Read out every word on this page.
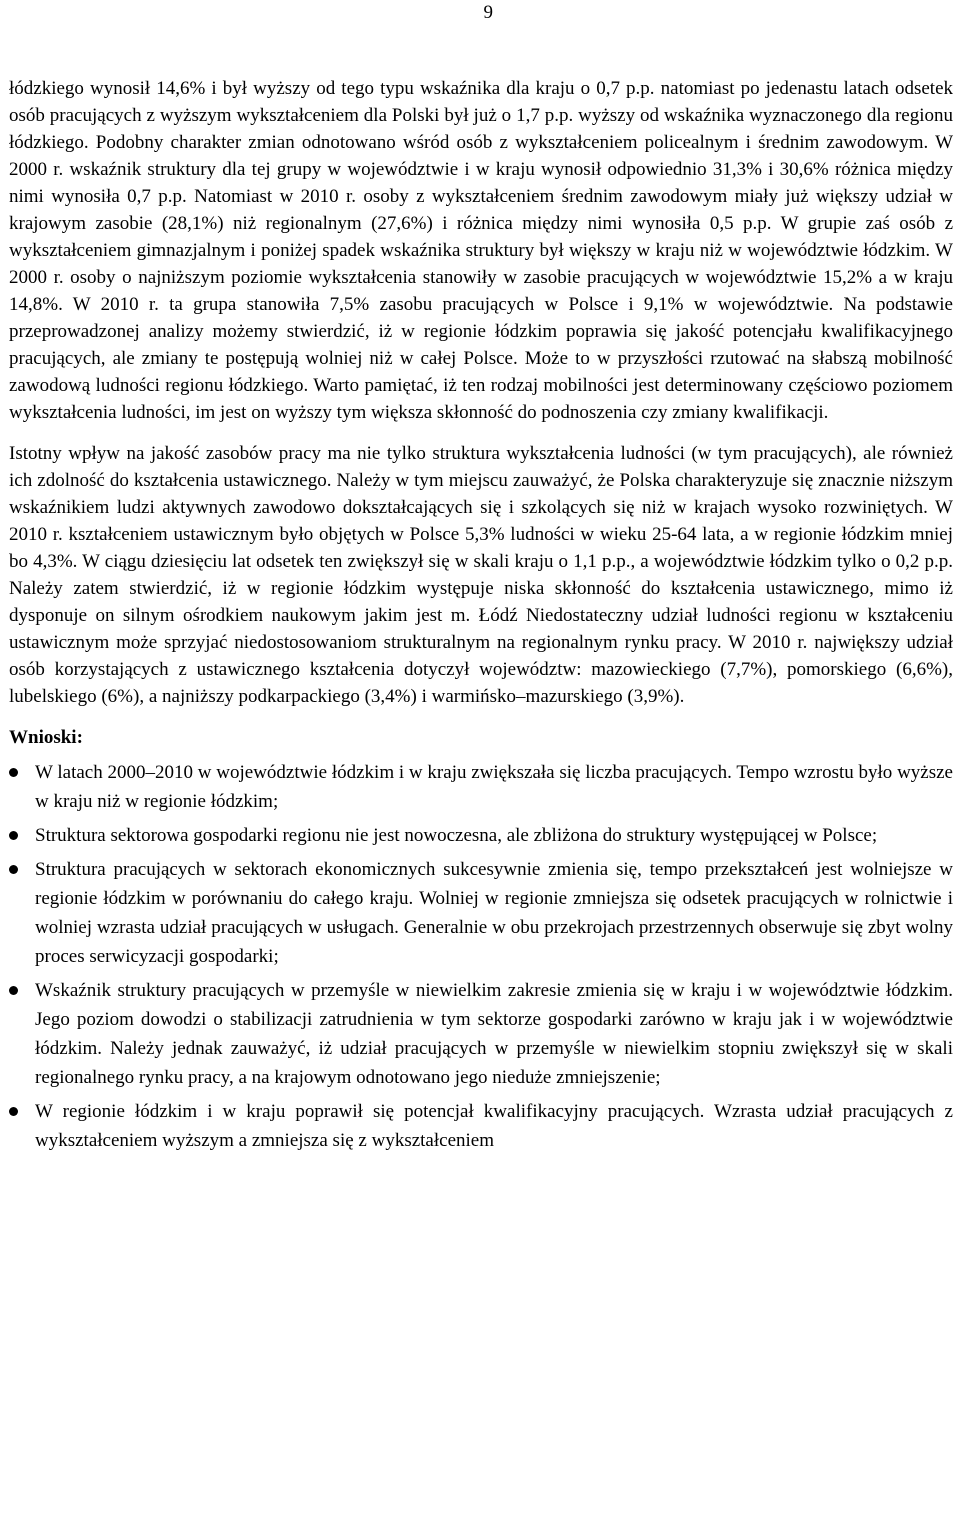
9

łódzkiego wynosił 14,6% i był wyższy od tego typu wskaźnika dla kraju o 0,7 p.p. natomiast po jedenastu latach odsetek osób pracujących z wyższym wykształceniem dla Polski był już o 1,7 p.p. wyższy od wskaźnika wyznaczonego dla regionu łódzkiego. Podobny charakter zmian odnotowano wśród osób z wykształceniem policealnym i średnim zawodowym. W 2000 r. wskaźnik struktury dla tej grupy w województwie i w kraju wynosił odpowiednio 31,3% i 30,6% różnica między nimi wynosiła 0,7 p.p. Natomiast w 2010 r. osoby z wykształceniem średnim zawodowym miały już większy udział w krajowym zasobie (28,1%) niż regionalnym (27,6%) i różnica między nimi wynosiła 0,5 p.p. W grupie zaś osób z wykształceniem gimnazjalnym i poniżej spadek wskaźnika struktury był większy w kraju niż w województwie łódzkim. W 2000 r. osoby o najniższym poziomie wykształcenia stanowiły w zasobie pracujących w województwie 15,2% a w kraju 14,8%. W 2010 r. ta grupa stanowiła 7,5% zasobu pracujących w Polsce i 9,1% w województwie. Na podstawie przeprowadzonej analizy możemy stwierdzić, iż w regionie łódzkim poprawia się jakość potencjału kwalifikacyjnego pracujących, ale zmiany te postępują wolniej niż w całej Polsce. Może to w przyszłości rzutować na słabszą mobilność zawodową ludności regionu łódzkiego. Warto pamiętać, iż ten rodzaj mobilności jest determinowany częściowo poziomem wykształcenia ludności, im jest on wyższy tym większa skłonność do podnoszenia czy zmiany kwalifikacji.

Istotny wpływ na jakość zasobów pracy ma nie tylko struktura wykształcenia ludności (w tym pracujących), ale również ich zdolność do kształcenia ustawicznego. Należy w tym miejscu zauważyć, że Polska charakteryzuje się znacznie niższym wskaźnikiem ludzi aktywnych zawodowo dokształcających się i szkolących się niż w krajach wysoko rozwiniętych. W 2010 r. kształceniem ustawicznym było objętych w Polsce 5,3% ludności w wieku 25-64 lata, a w regionie łódzkim mniej bo 4,3%. W ciągu dziesięciu lat odsetek ten zwiększył się w skali kraju o 1,1 p.p., a województwie łódzkim tylko o 0,2 p.p. Należy zatem stwierdzić, iż w regionie łódzkim występuje niska skłonność do kształcenia ustawicznego, mimo iż dysponuje on silnym ośrodkiem naukowym jakim jest m. Łódź Niedostateczny udział ludności regionu w kształceniu ustawicznym może sprzyjać niedostosowaniom strukturalnym na regionalnym rynku pracy. W 2010 r. największy udział osób korzystających z ustawicznego kształcenia dotyczył województw: mazowieckiego (7,7%), pomorskiego (6,6%), lubelskiego (6%), a najniższy podkarpackiego (3,4%) i warmińsko–mazurskiego (3,9%).

Wnioski:
W latach 2000–2010 w województwie łódzkim i w kraju zwiększała się liczba pracujących. Tempo wzrostu było wyższe w kraju niż w regionie łódzkim;
Struktura sektorowa gospodarki regionu nie jest nowoczesna, ale zbliżona do struktury występującej w Polsce;
Struktura pracujących w sektorach ekonomicznych sukcesywnie zmienia się, tempo przekształceń jest wolniejsze w regionie łódzkim w porównaniu do całego kraju. Wolniej w regionie zmniejsza się odsetek pracujących w rolnictwie i wolniej wzrasta udział pracujących w usługach. Generalnie w obu przekrojach przestrzennych obserwuje się zbyt wolny proces serwicyzacji gospodarki;
Wskaźnik struktury pracujących w przemyśle w niewielkim zakresie zmienia się w kraju i w województwie łódzkim. Jego poziom dowodzi o stabilizacji zatrudnienia w tym sektorze gospodarki zarówno w kraju jak i w województwie łódzkim. Należy jednak zauważyć, iż udział pracujących w przemyśle w niewielkim stopniu zwiększył się w skali regionalnego rynku pracy, a na krajowym odnotowano jego nieduże zmniejszenie;
W regionie łódzkim i w kraju poprawił się potencjał kwalifikacyjny pracujących. Wzrasta udział pracujących z wykształceniem wyższym a zmniejsza się z wykształceniem
